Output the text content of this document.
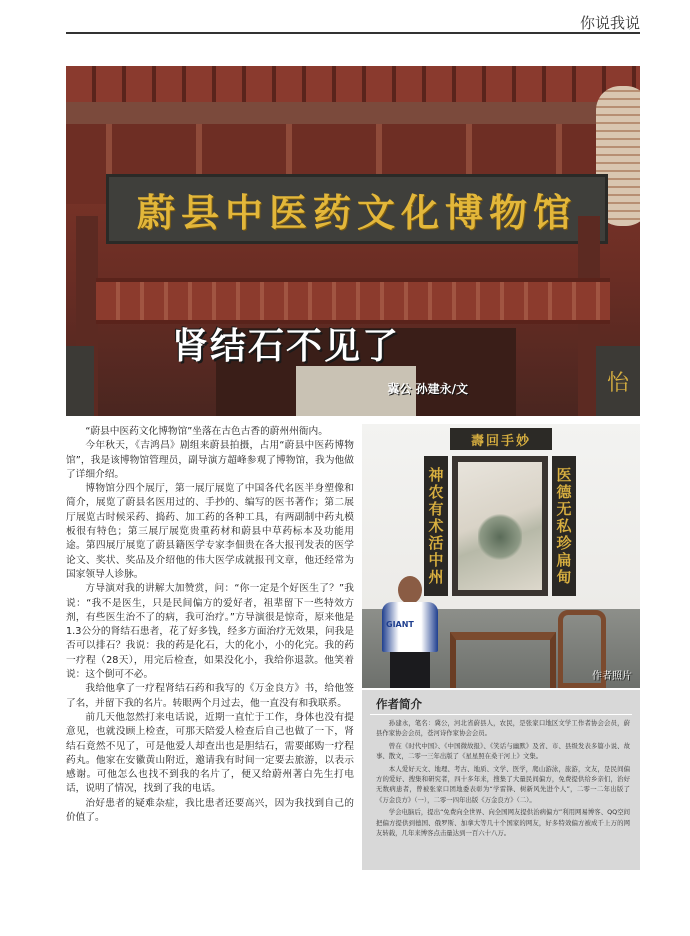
你说我说
蔚县中医药文化博物馆
怡
肾结石不见了
冀公 孙建永/文

“蔚县中医药文化博物馆”坐落在古色古香的蔚州州衙内。

今年秋天，《吉鸿昌》剧组来蔚县拍摄，占用“蔚县中医药博物馆”，我是该博物馆管理员，副导演方超峰参观了博物馆，我为他做了详细介绍。

博物馆分四个展厅，第一展厅展览了中国各代名医半身塑像和简介，展览了蔚县名医用过的、手抄的、编写的医书著作；第二展厅展览古时候采药、捣药、加工药的各种工具，有两副制中药丸模板很有特色；第三展厅展览贵重药材和蔚县中草药标本及功能用途。第四展厅展览了蔚县籍医学专家李佃贵在各大报刊发表的医学论文、奖状、奖品及介绍他的伟大医学成就报刊文章，他还经常为国家领导人诊脉。

方导演对我的讲解大加赞赏，问：“你一定是个好医生了？”我说：“我不是医生，只是民间偏方的爱好者，祖辈留下一些特效方剂，有些医生治不了的病，我可治疗。”方导演很是惊奇，原来他是1.3公分的肾结石患者，花了好多钱，经多方面治疗无效果，问我是否可以排石？我说：我的药是化石，大的化小，小的化完。我的药一疗程（28天），用完后检查，如果没化小，我给你退款。他笑着说：这个倒可不必。

我给他拿了一疗程肾结石药和我写的《万金良方》书，给他签了名，并留下我的名片。转眼两个月过去，他一直没有和我联系。

前几天他忽然打来电话说，近期一直忙于工作，身体也没有提意见，也就没顾上检查，可那天陪爱人检查后自己也做了一下，肾结石竟然不见了，可是他爱人却查出也是胆结石，需要邮购一疗程药丸。他家在安徽黄山附近，邀请我有时间一定要去旅游，以表示感谢。可他怎么也找不到我的名片了，便又给蔚州著白先生打电话，说明了情况，找到了我的电话。

治好患者的疑难杂症，我比患者还要高兴，因为我找到自己的价值了。

壽回手妙
神农有术活中州	医德无私珍扁甸
GIANT
作者照片
作者简介

孙建永，笔名：冀公，河北省蔚县人，农民，是张家口地区文学工作者协会会员，蔚县作家协会会员，苍河诗作家协会会员。

曾在《时代中国》、《中国微故报》、《笑话与幽默》及省、市、县级发表多篇小说、故事、散文，二零一三年出版了《星星照在桑干河上》文集。

本人爱好天文、地理、考古、地质、文学、医学，爬山游泳，旅游，文友，是民间偏方的爱好、搜集和研究者，四十多年来，搜集了大量民间偏方，免费提供给乡亲们，治好无数病患者，曾被张家口团地委表彰为“学雷锋、树新风先进个人”，二零一二年出版了《万金良方》（一），二零一四年出版《万金良方》（二）。

学会电脑后，提出“免费向全世界、向全国网友提供治病偏方”利用网易博客、QQ空间把偏方提供到德国、俄罗斯、加拿大等几十个国家的网友，好多特效偏方被成千上万的网友转载，几年来博客点击量达到一百六十八万。
